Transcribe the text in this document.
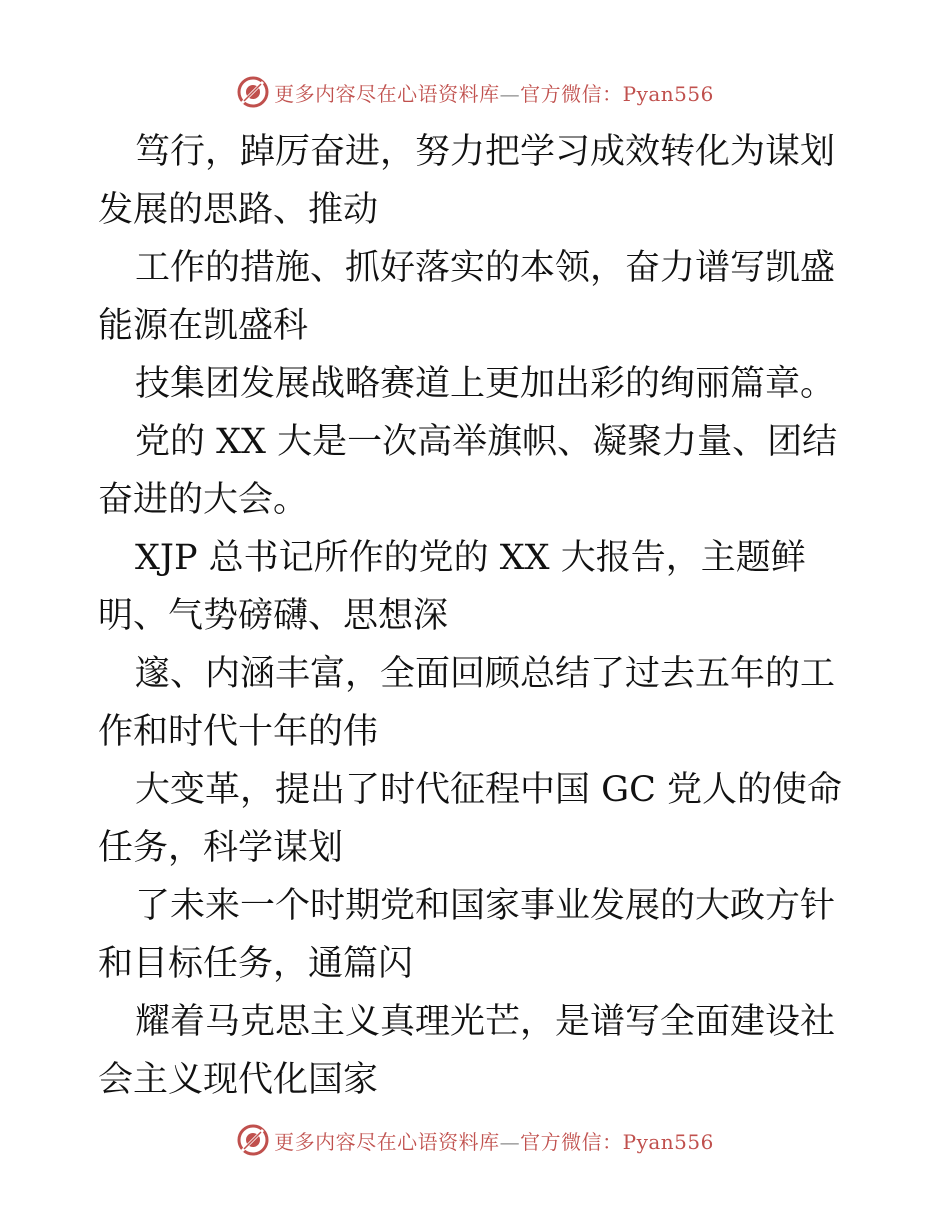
更多内容尽在心语资料库—官方微信：Pyan556

笃行，踔厉奋进，努力把学习成效转化为谋划发展的思路、推动

工作的措施、抓好落实的本领，奋力谱写凯盛能源在凯盛科

技集团发展战略赛道上更加出彩的绚丽篇章。

党的 XX 大是一次高举旗帜、凝聚力量、团结奋进的大会。

XJP 总书记所作的党的 XX 大报告，主题鲜明、气势磅礴、思想深

邃、内涵丰富，全面回顾总结了过去五年的工作和时代十年的伟

大变革，提出了时代征程中国 GC 党人的使命任务，科学谋划

了未来一个时期党和国家事业发展的大政方针和目标任务，通篇闪

耀着马克思主义真理光芒，是谱写全面建设社会主义现代化国家

更多内容尽在心语资料库—官方微信：Pyan556
